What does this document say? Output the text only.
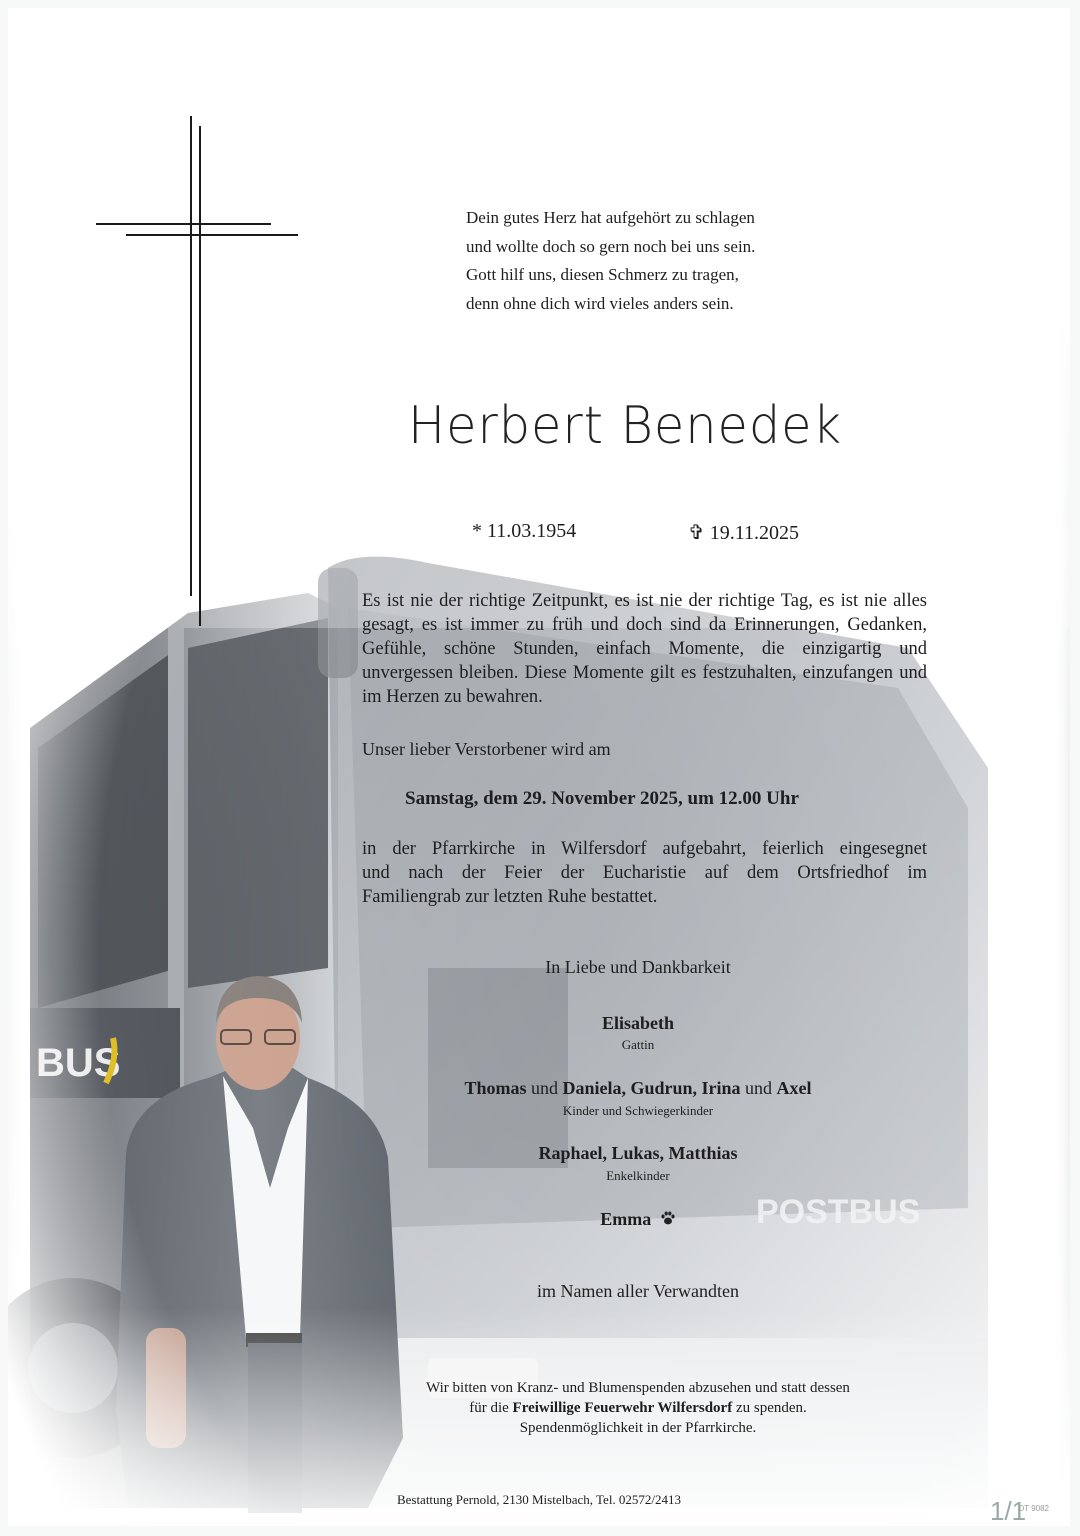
Dein gutes Herz hat aufgehört zu schlagen
und wollte doch so gern noch bei uns sein.
Gott hilf uns, diesen Schmerz zu tragen,
denn ohne dich wird vieles anders sein.
Herbert Benedek
* 11.03.1954	✞ 19.11.2025
Es ist nie der richtige Zeitpunkt, es ist nie der richtige Tag, es ist nie alles gesagt, es ist immer zu früh und doch sind da Erinnerungen, Gedanken, Gefühle, schöne Stunden, einfach Momente, die einzigartig und unvergessen bleiben. Diese Momente gilt es festzuhalten, einzufangen und im Herzen zu bewahren.
Unser lieber Verstorbener wird am
Samstag, dem 29. November 2025, um 12.00 Uhr
in der Pfarrkirche in Wilfersdorf aufgebahrt, feierlich eingesegnet
und nach der Feier der Eucharistie auf dem Ortsfriedhof im
Familiengrab zur letzten Ruhe bestattet.
In Liebe und Dankbarkeit
Elisabeth
Gattin
Thomas und Daniela, Gudrun, Irina und Axel
Kinder und Schwiegerkinder
Raphael, Lukas, Matthias
Enkelkinder
Emma
im Namen aller Verwandten
Wir bitten von Kranz- und Blumenspenden abzusehen und statt dessen
für die Freiwillige Feuerwehr Wilfersdorf zu spenden.
Spendenmöglichkeit in der Pfarrkirche.
Bestattung Pernold, 2130 Mistelbach, Tel. 02572/2413	1/1
OT 9082
